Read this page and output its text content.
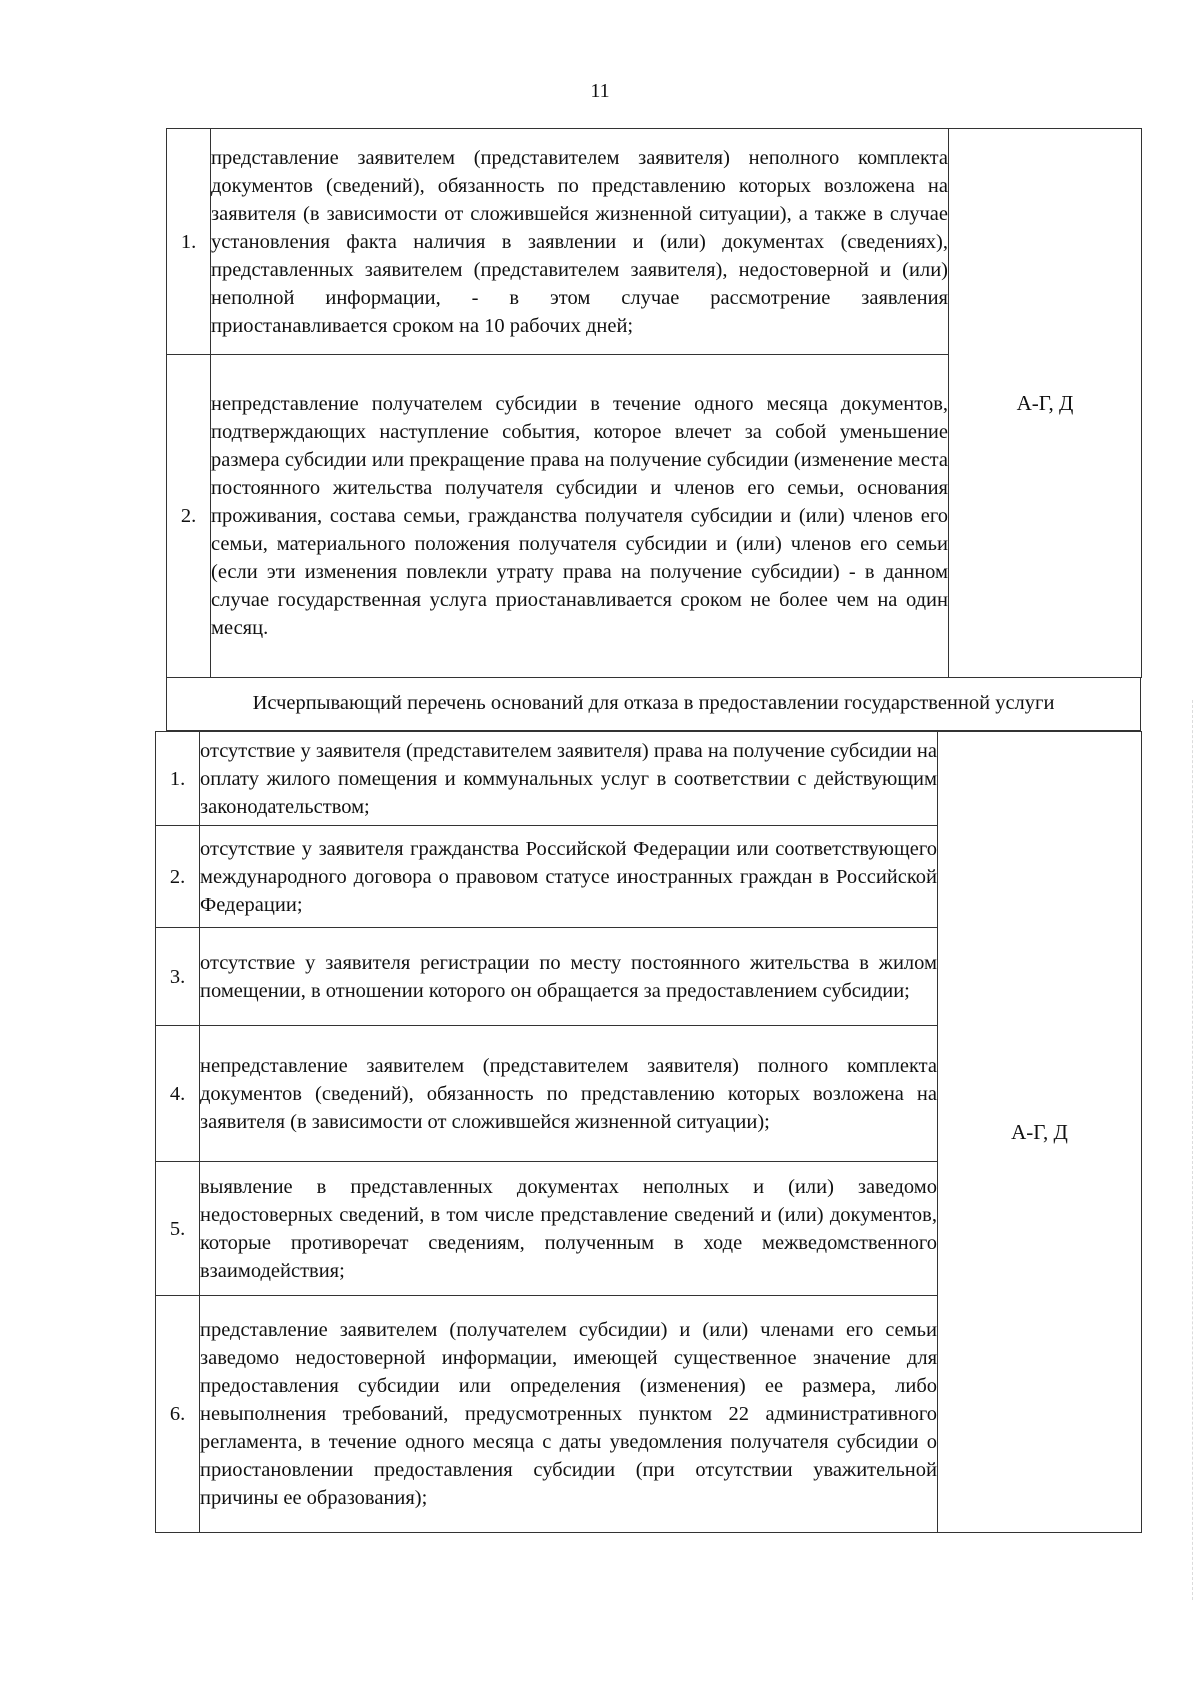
11
1.	представление заявителем (представителем заявителя) неполного комплекта документов (сведений), обязанность по представлению которых возложена на заявителя (в зависимости от сложившейся жизненной ситуации), а также в случае установления факта наличия в заявлении и (или) документах (сведениях), представленных заявителем (представителем заявителя), недостоверной и (или) неполной информации, - в этом случае рассмотрение заявления приостанавливается сроком на 10 рабочих дней;	А-Г, Д
2.	непредставление получателем субсидии в течение одного месяца документов, подтверждающих наступление события, которое влечет за собой уменьшение размера субсидии или прекращение права на получение субсидии (изменение места постоянного жительства получателя субсидии и членов его семьи, основания проживания, состава семьи, гражданства получателя субсидии и (или) членов его семьи, материального положения получателя субсидии и (или) членов его семьи (если эти изменения повлекли утрату права на получение субсидии) - в данном случае государственная услуга приостанавливается сроком не более чем на один месяц.	
Исчерпывающий перечень оснований для отказа в предоставлении государственной услуги
1.	отсутствие у заявителя (представителем заявителя) права на получение субсидии на оплату жилого помещения и коммунальных услуг в соответствии с действующим законодательством;	А-Г, Д
2.	отсутствие у заявителя гражданства Российской Федерации или соответствующего международного договора о правовом статусе иностранных граждан в Российской Федерации;	
3.	отсутствие у заявителя регистрации по месту постоянного жительства в жилом помещении, в отношении которого он обращается за предоставлением субсидии;	
4.	непредставление заявителем (представителем заявителя) полного комплекта документов (сведений), обязанность по представлению которых возложена на заявителя (в зависимости от сложившейся жизненной ситуации);	
5.	выявление в представленных документах неполных и (или) заведомо недостоверных сведений, в том числе представление сведений и (или) документов, которые противоречат сведениям, полученным в ходе межведомственного взаимодействия;	
6.	представление заявителем (получателем субсидии) и (или) членами его семьи заведомо недостоверной информации, имеющей существенное значение для предоставления субсидии или определения (изменения) ее размера, либо невыполнения требований, предусмотренных пунктом 22 административного регламента, в течение одного месяца с даты уведомления получателя субсидии о приостановлении предоставления субсидии (при отсутствии уважительной причины ее образования);	
